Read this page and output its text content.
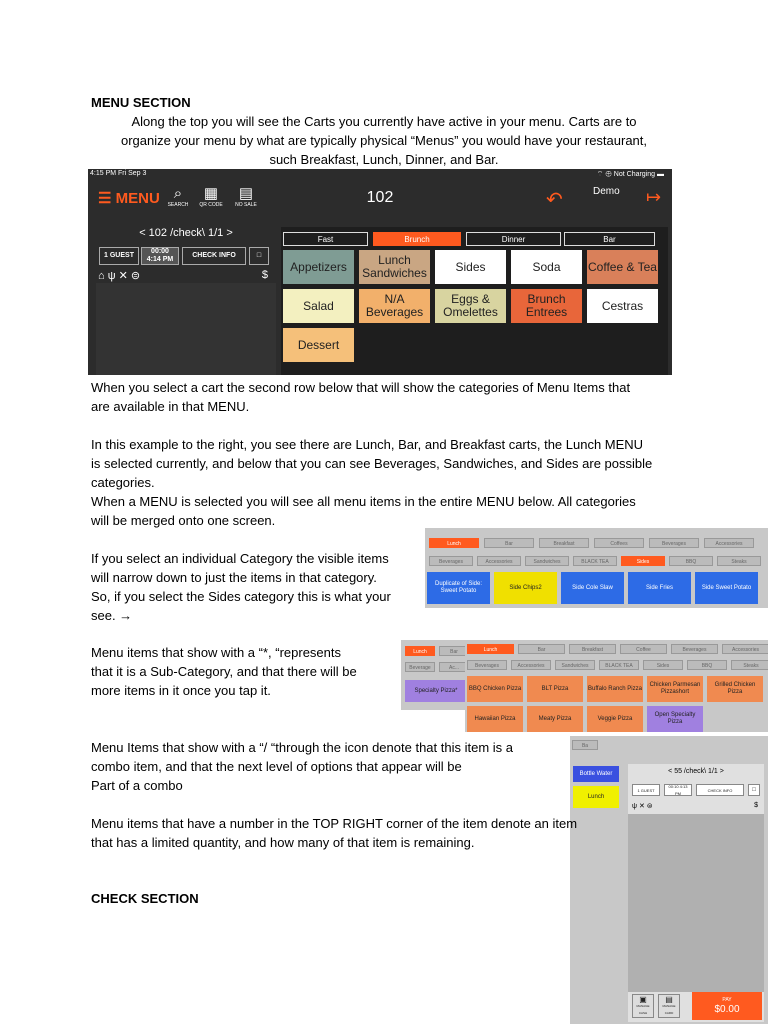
MENU SECTION
Along the top you will see the Carts you currently have active in your menu. Carts are to
organize your menu by what are typically physical “Menus” you would have your restaurant,
such Breakfast, Lunch, Dinner, and Bar.
4:15 PM Fri Sep 3	⌔ ⊕ Not Charging ▬
☰ MENU ⌕
SEARCH
▦
QR CODE
▤
NO SALE	102	↶	Demo ↦
< 102 /check\ 1/1 >
1 GUEST
00:00
4:14 PM
CHECK INFO	□
⌂ ψ ✕ ⊜	$
Fast	Brunch	Dinner	Bar
Appetizers	Lunch Sandwiches	Sides	Soda	Coffee & Tea
Salad	N/A Beverages
Eggs & Omelettes
Brunch Entrees	Cestras
Dessert
When you select a cart the second row below that will show the categories of Menu Items that
are available in that MENU.
In this example to the right, you see there are Lunch, Bar, and Breakfast carts, the Lunch MENU
is selected currently, and below that you can see Beverages, Sandwiches, and Sides are possible
categories.
When a MENU is selected you will see all menu items in the entire MENU below. All categories
will be merged onto one screen.
If you select an individual Category the visible items
will narrow down to just the items in that category.
So, if you select the Sides category this is what your
see. →
Lunch	Bar	Breakfast	Coffees	Beverages	Accessories
Beverages	Accessories	Sandwiches	BLACK TEA	Sides	BBQ	Steaks
Duplicate of Side: Sweet Potato
Side Chips2	Side Cole Slaw	Side Fries	Side Sweet Potato
Menu items that show with a “*, “represents
that it is a Sub-Category, and that there will be
more items in it once you tap it.
Lunch	Bar
Beverage	Ac...
Specialty Pizza*
Lunch	Bar	Breakfast	Coffee	Beverages	Accessories
Beverages	Accessories	Sandwiches	BLACK TEA	Sides	BBQ	Steaks
BBQ Chicken Pizza	BLT Pizza	Buffalo Ranch Pizza
Chicken Parmesan Pizzashort
Grilled Chicken Pizza
Hawaiian Pizza	Meaty Pizza	Veggie Pizza
Open Specialty Pizza
Menu Items that show with a “/ “through the icon denote that this item is a
combo item, and that the next level of options that appear will be
Part of a combo
Ba
Bottle Water
Lunch
< 55 /check\ 1/1 >
1 GUEST
00:10 4:13 PM
CHECK INFO	□
ψ ✕ ⊜	$
▣
MANAGE CASH
▤
MANAGE CARD
PAY
$0.00
Menu items that have a number in the TOP RIGHT corner of the item denote an item
that has a limited quantity, and how many of that item is remaining.
CHECK SECTION
